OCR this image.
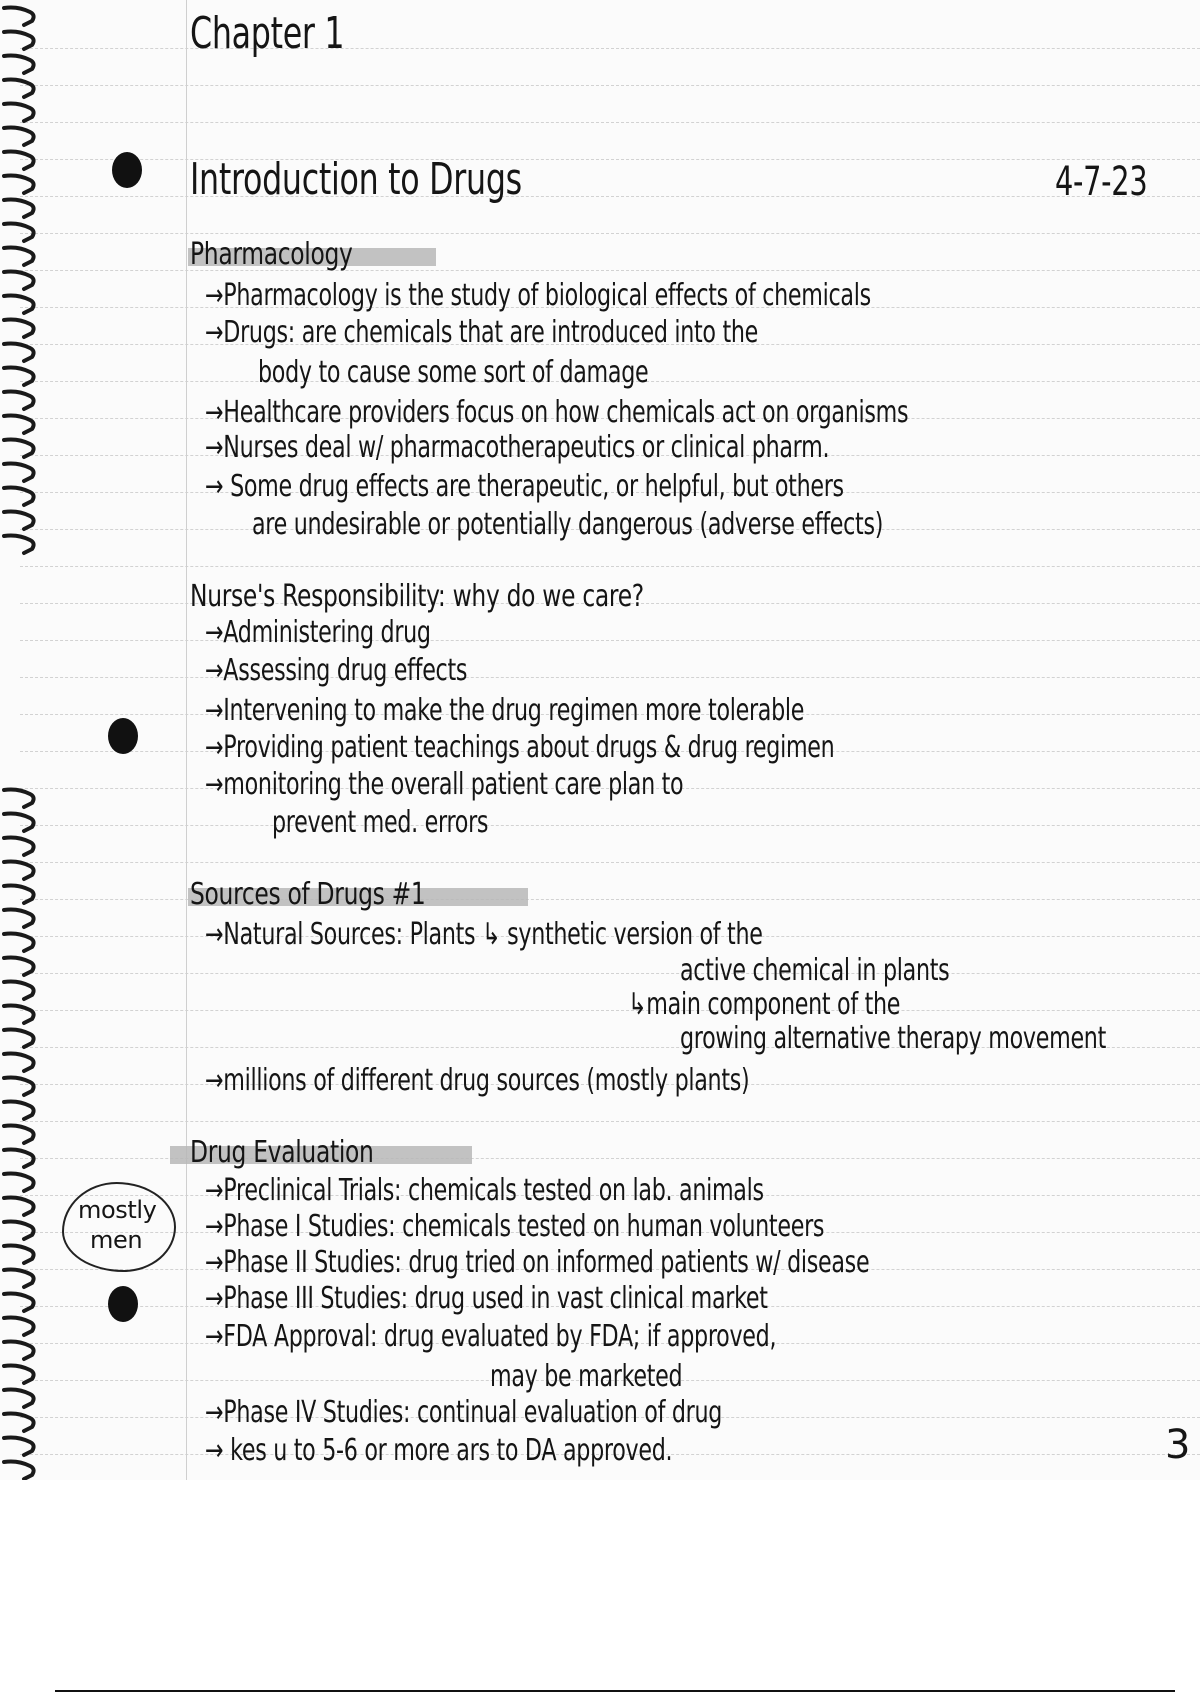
Chapter 1
Introduction to Drugs	4-7-23
Pharmacology
→Pharmacology is the study of biological effects of chemicals
→Drugs: are chemicals that are introduced into the
body to cause some sort of damage
→Healthcare providers focus on how chemicals act on organisms
→Nurses deal w/ pharmacotherapeutics or clinical pharm.
→ Some drug effects are therapeutic, or helpful, but others
are undesirable or potentially dangerous (adverse effects)
Nurse's Responsibility: why do we care?
→Administering drug
→Assessing drug effects
→Intervening to make the drug regimen more tolerable
→Providing patient teachings about drugs & drug regimen
→monitoring the overall patient care plan to
prevent med. errors
Sources of Drugs #1
→Natural Sources: Plants ↳ synthetic version of the
active chemical in plants
↳main component of the
growing alternative therapy movement
→millions of different drug sources (mostly plants)
Drug Evaluation
→Preclinical Trials: chemicals tested on lab. animals
→Phase I Studies: chemicals tested on human volunteers
→Phase II Studies: drug tried on informed patients w/ disease
→Phase III Studies: drug used in vast clinical market
→FDA Approval: drug evaluated by FDA; if approved,
may be marketed
→Phase IV Studies: continual evaluation of drug
→ kes u to 5-6 or more ars to DA approved.
mostly
men
3
